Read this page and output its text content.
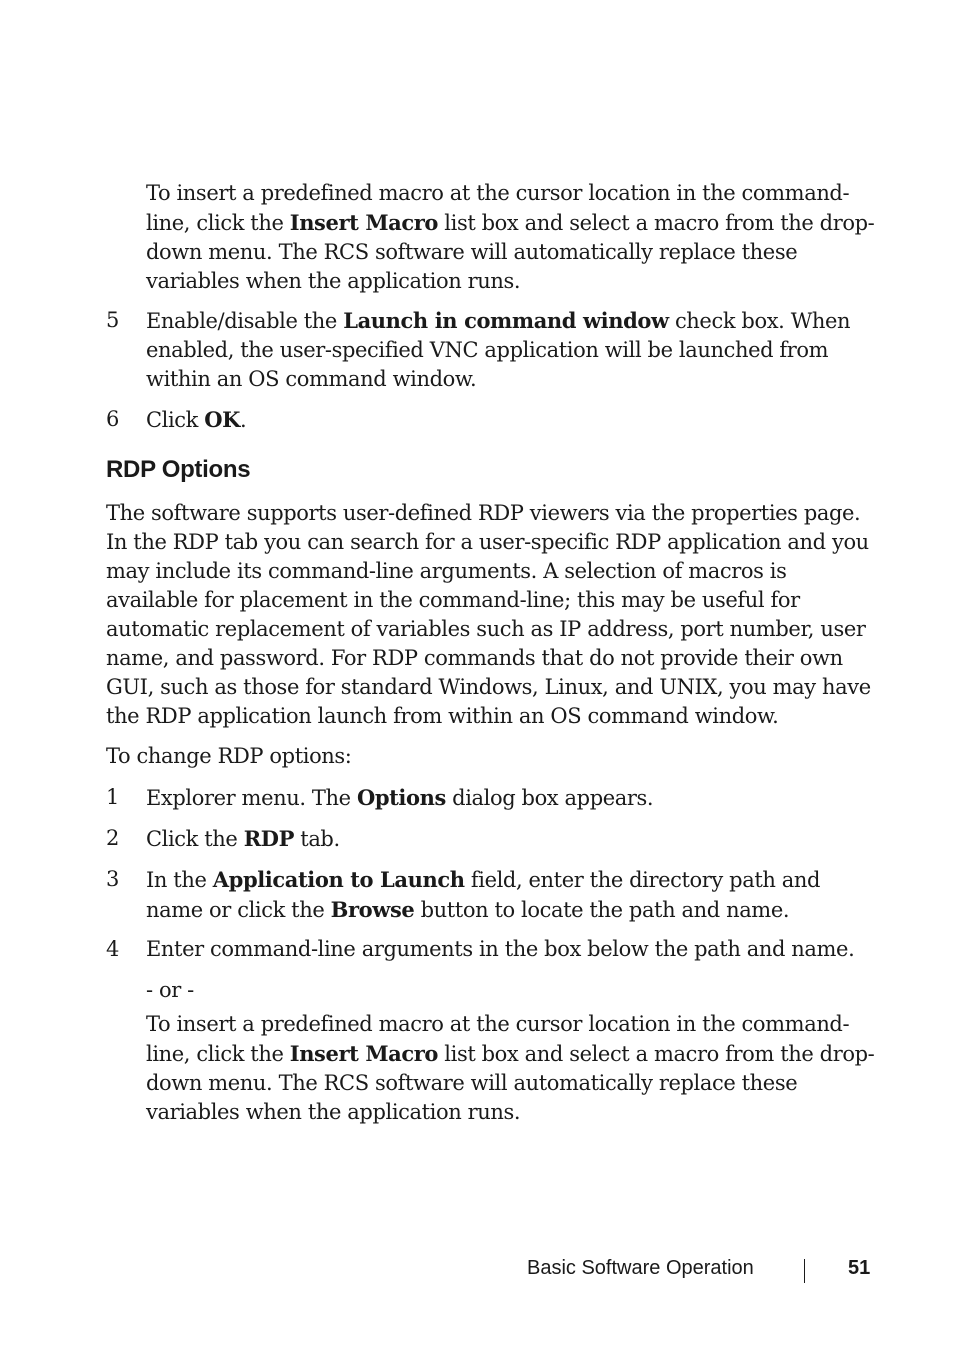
To insert a predefined macro at the cursor location in the command-line, click the Insert Macro list box and select a macro from the drop-down menu. The RCS software will automatically replace these variables when the application runs.

5	Enable/disable the Launch in command window check box. When enabled, the user-specified VNC application will be launched from within an OS command window.
6	Click OK.
RDP Options

The software supports user-defined RDP viewers via the properties page. In the RDP tab you can search for a user-specific RDP application and you may include its command-line arguments. A selection of macros is available for placement in the command-line; this may be useful for automatic replacement of variables such as IP address, port number, user name, and password. For RDP commands that do not provide their own GUI, such as those for standard Windows, Linux, and UNIX, you may have the RDP application launch from within an OS command window.

To change RDP options:

1	Explorer menu. The Options dialog box appears.
2	Click the RDP tab.
3	In the Application to Launch field, enter the directory path and name or click the Browse button to locate the path and name.
4	Enter command-line arguments in the box below the path and name.

- or -

To insert a predefined macro at the cursor location in the command-line, click the Insert Macro list box and select a macro from the drop-down menu. The RCS software will automatically replace these variables when the application runs.

Basic Software Operation	51
